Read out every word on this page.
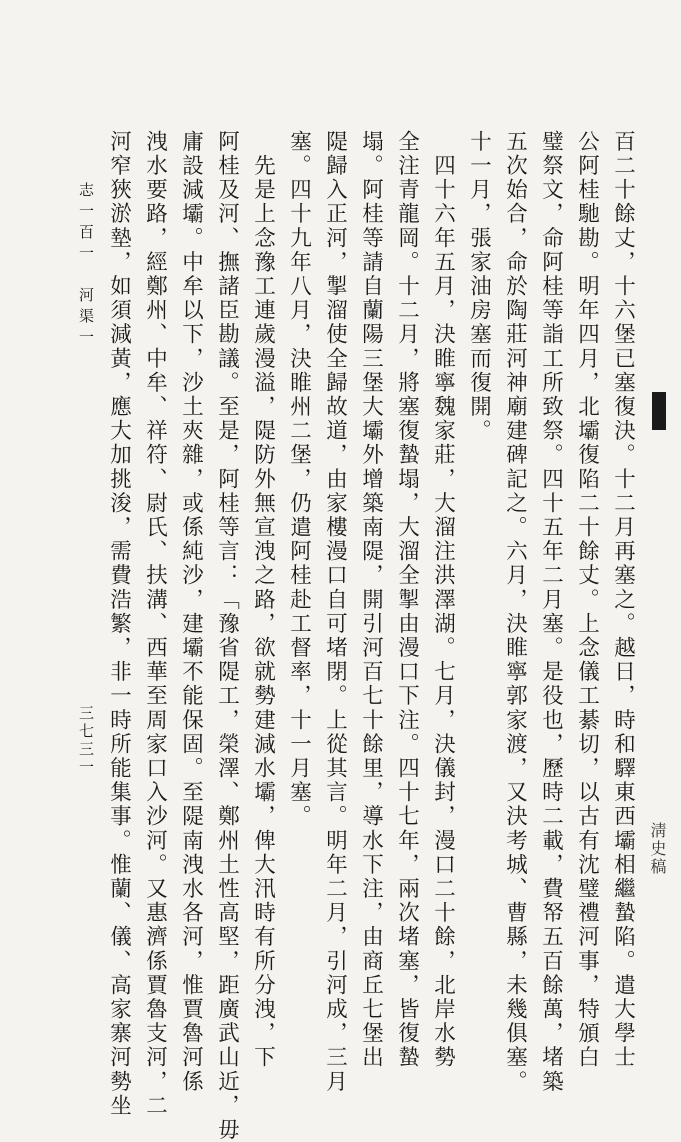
淸史稿
百二十餘丈，十六堡已塞復決。十二月再塞之。越日，時和驛東西壩相繼蟄陷。遣大學士
公阿桂馳勘。明年四月，北壩復陷二十餘丈。上念儀工綦切，以古有沈璧禮河事，特頒白
璧祭文，命阿桂等詣工所致祭。四十五年二月塞。是役也，歷時二載，費帑五百餘萬，堵築
五次始合，命於陶莊河神廟建碑記之。六月，決睢寧郭家渡，又決考城、曹縣，未幾俱塞。
十一月，張家油房塞而復開。
　四十六年五月，決睢寧魏家莊，大溜注洪澤湖。七月，決儀封，漫口二十餘，北岸水勢
全注青龍岡。十二月，將塞復蟄塌，大溜全掣由漫口下注。四十七年，兩次堵塞，皆復蟄
塌。阿桂等請自蘭陽三堡大壩外增築南隄，開引河百七十餘里，導水下注，由商丘七堡出
隄歸入正河，掣溜使全歸故道，由家樓漫口自可堵閉。上從其言。明年二月，引河成，三月
塞。四十九年八月，決睢州二堡，仍遣阿桂赴工督率，十一月塞。
　先是上念豫工連歲漫溢，隄防外無宣洩之路，欲就勢建減水壩，俾大汛時有所分洩，下
阿桂及河、撫諸臣勘議。至是，阿桂等言：「豫省隄工，榮澤、鄭州土性高堅，距廣武山近，毋
庸設減壩。中牟以下，沙土夾雜，或係純沙，建壩不能保固。至隄南洩水各河，惟賈魯河係
洩水要路，經鄭州、中牟、祥符、尉氏、扶溝、西華至周家口入沙河。又惠濟係賈魯支河，二
河窄狹淤墊，如須減黃，應大加挑浚，需費浩繁，非一時所能集事。惟蘭、儀、高家寨河勢坐
志一百一　河渠一
三七三一
